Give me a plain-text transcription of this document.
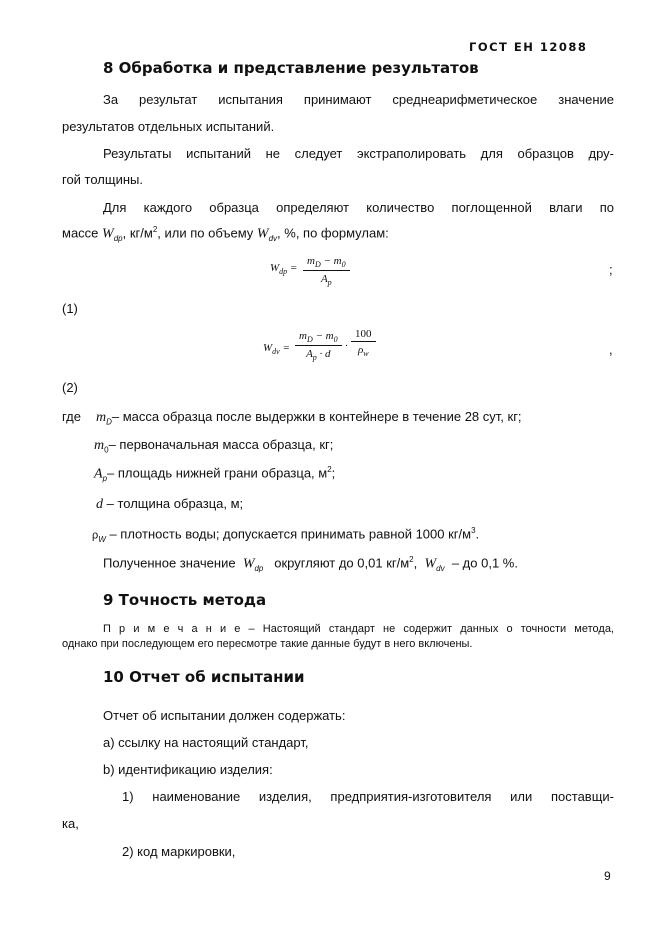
ГОСТ ЕН 12088
8 Обработка и представление результатов
За результат испытания принимают среднеарифметическое значение
результатов отдельных испытаний.
Результаты испытаний не следует экстраполировать для образцов дру-
гой толщины.
Для каждого образца определяют количество поглощенной влаги по
массе $W_{dp}$, $кг/м^2$, или по объему $W_{dv}$, %, по формулам:
$W_{dp} = \frac{m_D - m_0}{A_p}$	;
(1)
$W_{dv} = \frac{m_D - m_0}{A_p \cdot d} \cdot \frac{100}{\rho_w}$	,
(2)
где $m_D-$ масса образца после выдержки в контейнере в течение 28 сут, кг;
$m_0-$ первоначальная масса образца, кг;
$A_p-$ площадь нижней грани образца, $м^2$;
d – толщина образца, м;
$\rho_W$ – плотность воды; допускается принимать равной 1000 $кг/м^3$.
Полученное значение $W_{dp}$ округляют до 0,01 $кг/м^2$, $W_{dv}$ – до 0,1 %.
9 Точность метода
П р и м е ч а н и е – Настоящий стандарт не содержит данных о точности метода,
однако при последующем его пересмотре такие данные будут в него включены.
10 Отчет об испытании
Отчет об испытании должен содержать:
а) ссылку на настоящий стандарт,
b) идентификацию изделия:
1) наименование изделия, предприятия-изготовителя или поставщи-
ка,
2) код маркировки,
9
